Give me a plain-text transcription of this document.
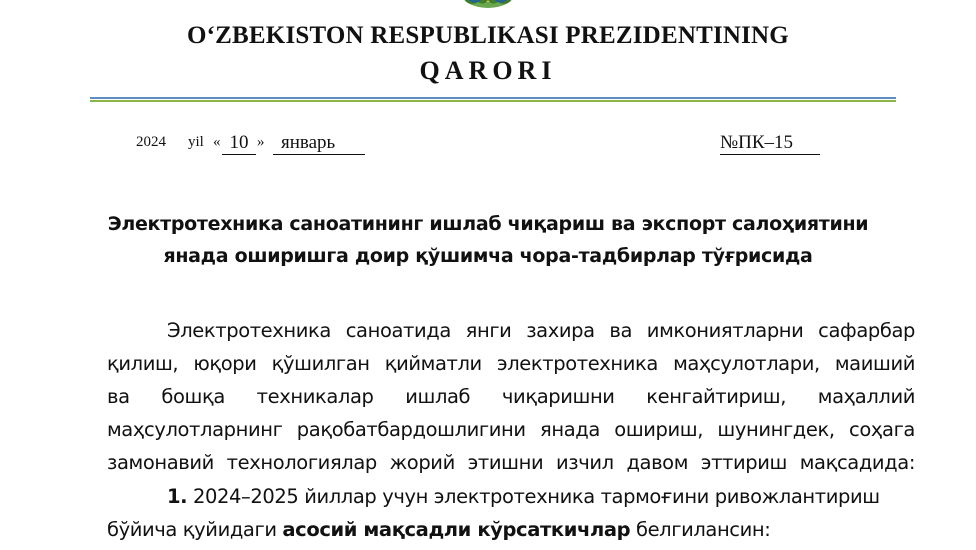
O‘ZBEKISTON RESPUBLIKASI PREZIDENTINING
QARORI
2024 yil « 10 » январь	№ПК–15
Электротехника саноатининг ишлаб чиқариш ва экспорт салоҳиятини
янада оширишга доир қўшимча чора-тадбирлар тўғрисида
Электротехника саноатида янги захира ва имкониятларни сафарбар
қилиш, юқори қўшилган қийматли электротехника маҳсулотлари, маиший
ва бошқа техникалар ишлаб чиқаришни кенгайтириш, маҳаллий
маҳсулотларнинг рақобатбардошлигини янада ошириш, шунингдек, соҳага
замонавий технологиялар жорий этишни изчил давом эттириш мақсадида:
1. 2024–2025 йиллар учун электротехника тармоғини ривожлантириш
бўйича қуйидаги асосий мақсадли кўрсаткичлар белгилансин:
